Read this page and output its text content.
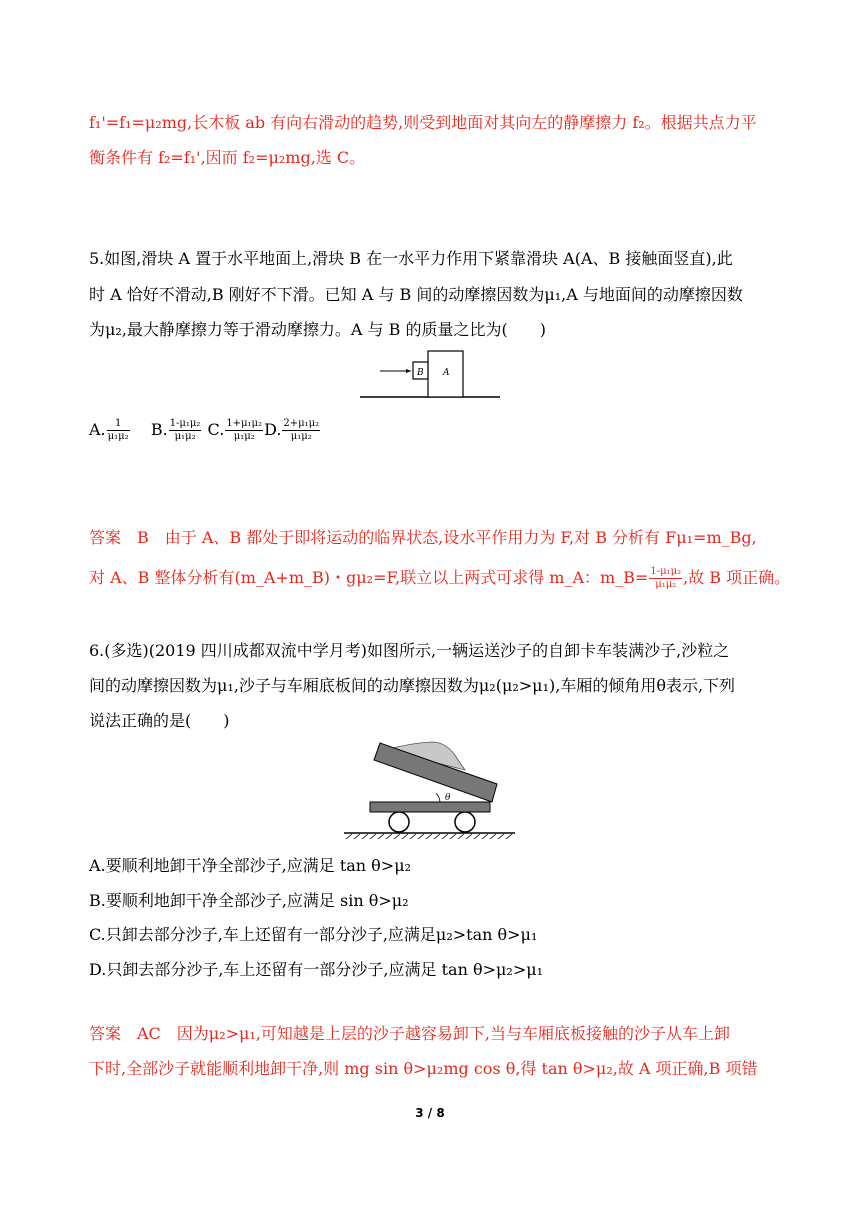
f₁'=f₁=μ₂mg,长木板 ab 有向右滑动的趋势,则受到地面对其向左的静摩擦力 f₂。根据共点力平
衡条件有 f₂=f₁',因而 f₂=μ₂mg,选 C。
5.如图,滑块 A 置于水平地面上,滑块 B 在一水平力作用下紧靠滑块 A(A、B 接触面竖直),此
时 A 恰好不滑动,B 刚好不下滑。已知 A 与 B 间的动摩擦因数为μ₁,A 与地面间的动摩擦因数
为μ₂,最大静摩擦力等于滑动摩擦力。A 与 B 的质量之比为(　　)
B A
A. $\frac{1}{\text{μ₁μ₂}} B$. $\frac{\text{1-μ₁μ₂}}{\text{μ₁μ₂}} C$. $\frac{\text{1+μ₁μ₂}}{\text{μ₁μ₂}} D$. $\frac{\text{2+μ₁μ₂}}{\text{μ₁μ₂}}$
答案　B　由于 A、B 都处于即将运动的临界状态,设水平作用力为 F,对 B 分析有 Fμ₁=m_Bg,
对 A、B 整体分析有(m_A+m_B)・gμ₂=F,联立以上两式可求得 m_A：m_B= $\frac{\text{1-μ₁μ₂}}{\text{μ₁μ₂}}$ ,故 B 项正确。
6.(多选)(2019 四川成都双流中学月考)如图所示,一辆运送沙子的自卸卡车装满沙子,沙粒之
间的动摩擦因数为μ₁,沙子与车厢底板间的动摩擦因数为μ₂(μ₂>μ₁),车厢的倾角用θ表示,下列
说法正确的是(　　)
θ
A.要顺利地卸干净全部沙子,应满足 tan θ>μ₂
B.要顺利地卸干净全部沙子,应满足 sin θ>μ₂
C.只卸去部分沙子,车上还留有一部分沙子,应满足μ₂>tan θ>μ₁
D.只卸去部分沙子,车上还留有一部分沙子,应满足 tan θ>μ₂>μ₁
答案　AC　因为μ₂>μ₁,可知越是上层的沙子越容易卸下,当与车厢底板接触的沙子从车上卸
下时,全部沙子就能顺利地卸干净,则 mg sin θ>μ₂mg cos θ,得 tan θ>μ₂,故 A 项正确,B 项错
3 / 8
